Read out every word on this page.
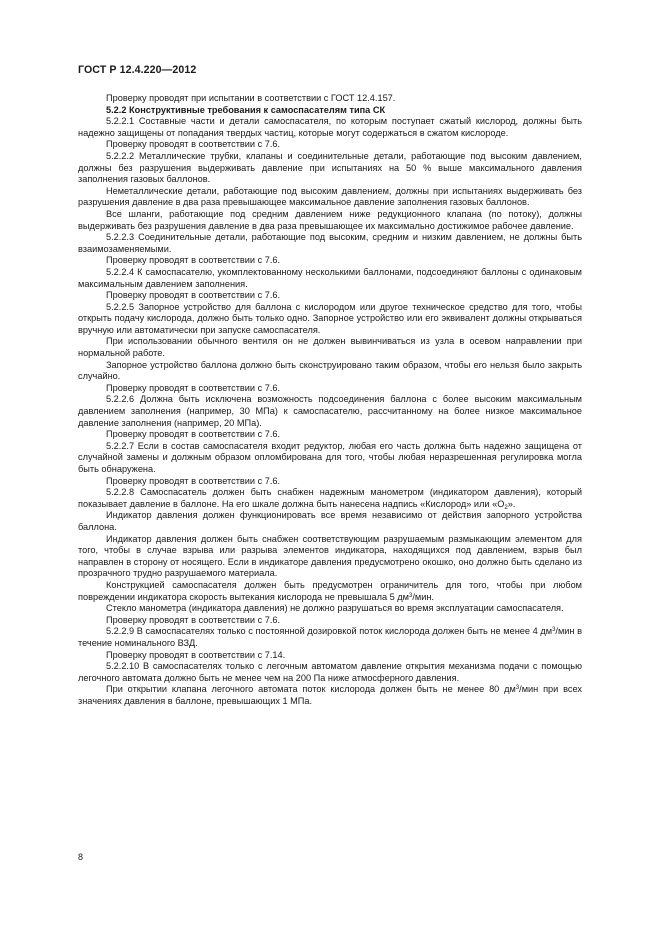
ГОСТ Р 12.4.220—2012

Проверку проводят при испытании в соответствии с ГОСТ 12.4.157.

5.2.2 Конструктивные требования к самоспасателям типа СК

5.2.2.1 Составные части и детали самоспасателя, по которым поступает сжатый кислород, должны быть надежно защищены от попадания твердых частиц, которые могут содержаться в сжатом кислороде.

Проверку проводят в соответствии с 7.6.

5.2.2.2 Металлические трубки, клапаны и соединительные детали, работающие под высоким давлением, должны без разрушения выдерживать давление при испытаниях на 50 % выше максимального давления заполнения газовых баллонов.

Неметаллические детали, работающие под высоким давлением, должны при испытаниях выдерживать без разрушения давление в два раза превышающее максимальное давление заполнения газовых баллонов.

Все шланги, работающие под средним давлением ниже редукционного клапана (по потоку), должны выдерживать без разрушения давление в два раза превышающее их максимально достижимое рабочее давление.

5.2.2.3 Соединительные детали, работающие под высоким, средним и низким давлением, не должны быть взаимозаменяемыми.

Проверку проводят в соответствии с 7.6.

5.2.2.4 К самоспасателю, укомплектованному несколькими баллонами, подсоединяют баллоны с одинаковым максимальным давлением заполнения.

Проверку проводят в соответствии с 7.6.

5.2.2.5 Запорное устройство для баллона с кислородом или другое техническое средство для того, чтобы открыть подачу кислорода, должно быть только одно. Запорное устройство или его эквивалент должны открываться вручную или автоматически при запуске самоспасателя.

При использовании обычного вентиля он не должен вывинчиваться из узла в осевом направлении при нормальной работе.

Запорное устройство баллона должно быть сконструировано таким образом, чтобы его нельзя было закрыть случайно.

Проверку проводят в соответствии с 7.6.

5.2.2.6 Должна быть исключена возможность подсоединения баллона с более высоким максимальным давлением заполнения (например, 30 МПа) к самоспасателю, рассчитанному на более низкое максимальное давление заполнения (например, 20 МПа).

Проверку проводят в соответствии с 7.6.

5.2.2.7 Если в состав самоспасателя входит редуктор, любая его часть должна быть надежно защищена от случайной замены и должным образом опломбирована для того, чтобы любая неразрешенная регулировка могла быть обнаружена.

Проверку проводят в соответствии с 7.6.

5.2.2.8 Самоспасатель должен быть снабжен надежным манометром (индикатором давления), который показывает давление в баллоне. На его шкале должна быть нанесена надпись «Кислород» или «$O_2$».

Индикатор давления должен функционировать все время независимо от действия запорного устройства баллона.

Индикатор давления должен быть снабжен соответствующим разрушаемым размыкающим элементом для того, чтобы в случае взрыва или разрыва элементов индикатора, находящихся под давлением, взрыв был направлен в сторону от носящего. Если в индикаторе давления предусмотрено окошко, оно должно быть сделано из прозрачного трудно разрушаемого материала.

Конструкцией самоспасателя должен быть предусмотрен ограничитель для того, чтобы при любом повреждении индикатора скорость вытекания кислорода не превышала 5 $дм^3$/мин.

Стекло манометра (индикатора давления) не должно разрушаться во время эксплуатации самоспасателя.

Проверку проводят в соответствии с 7.6.

5.2.2.9 В самоспасателях только с постоянной дозировкой поток кислорода должен быть не менее 4 $дм^3$/мин в течение номинального ВЗД.

Проверку проводят в соответствии с 7.14.

5.2.2.10 В самоспасателях только с легочным автоматом давление открытия механизма подачи с помощью легочного автомата должно быть не менее чем на 200 Па ниже атмосферного давления.

При открытии клапана легочного автомата поток кислорода должен быть не менее 80 $дм^3$/мин при всех значениях давления в баллоне, превышающих 1 МПа.

8
